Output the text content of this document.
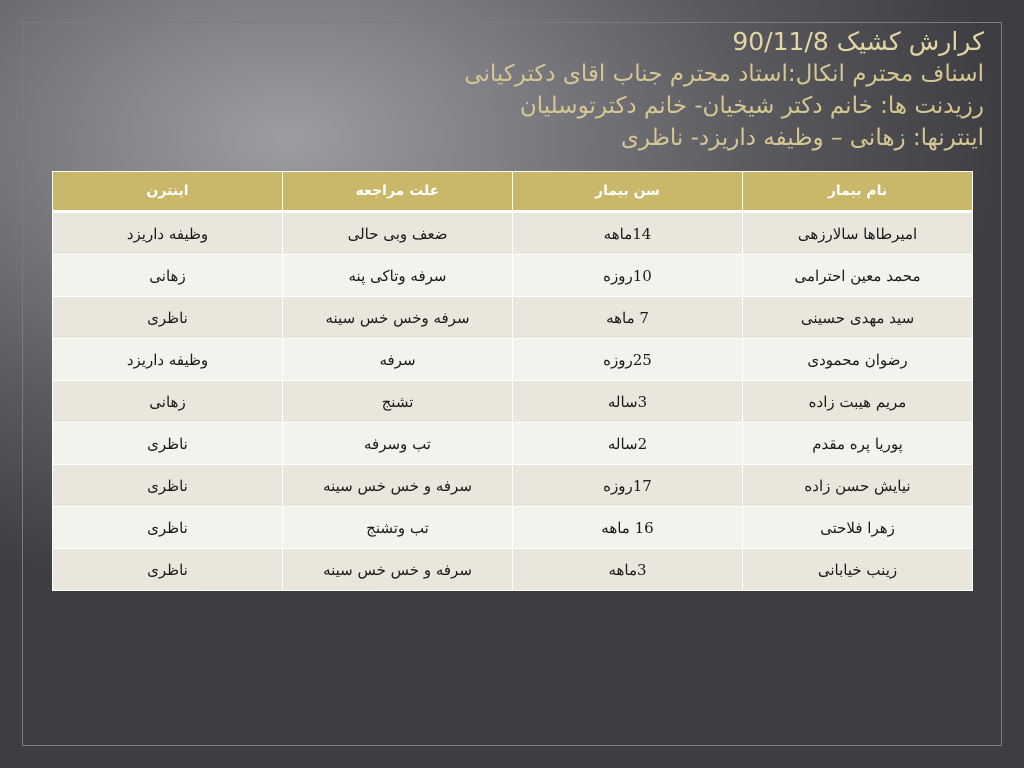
کرارش کشیک 90/11/8
اسناف محترم انکال:استاد محترم جناب اقای دکترکیانی
رزیدنت ها: خانم دکتر شیخیان- خانم دکترتوسلیان
اینترنها: زهانی – وظیفه داریزد- ناظری
نام بیمار	سن بیمار	علت مراجعه	اینترن
امیرطاها سالارزهی	14ماهه	ضعف وبی حالی	وظیفه داریزد
محمد معین احترامی	10روزه	سرفه وتاکی پنه	زهانی
سید مهدی حسینی	7 ماهه	سرفه وخس خس سینه	ناظری
رضوان محمودی	25روزه	سرفه	وظیفه داریزد
مریم هیبت زاده	3ساله	تشنج	زهانی
پوریا پره مقدم	2ساله	تب وسرفه	ناظری
نیایش حسن زاده	17روزه	سرفه و خس خس سینه	ناظری
زهرا فلاحتی	16 ماهه	تب وتشنج	ناظری
زینب خیابانی	3ماهه	سرفه و خس خس سینه	ناظری
